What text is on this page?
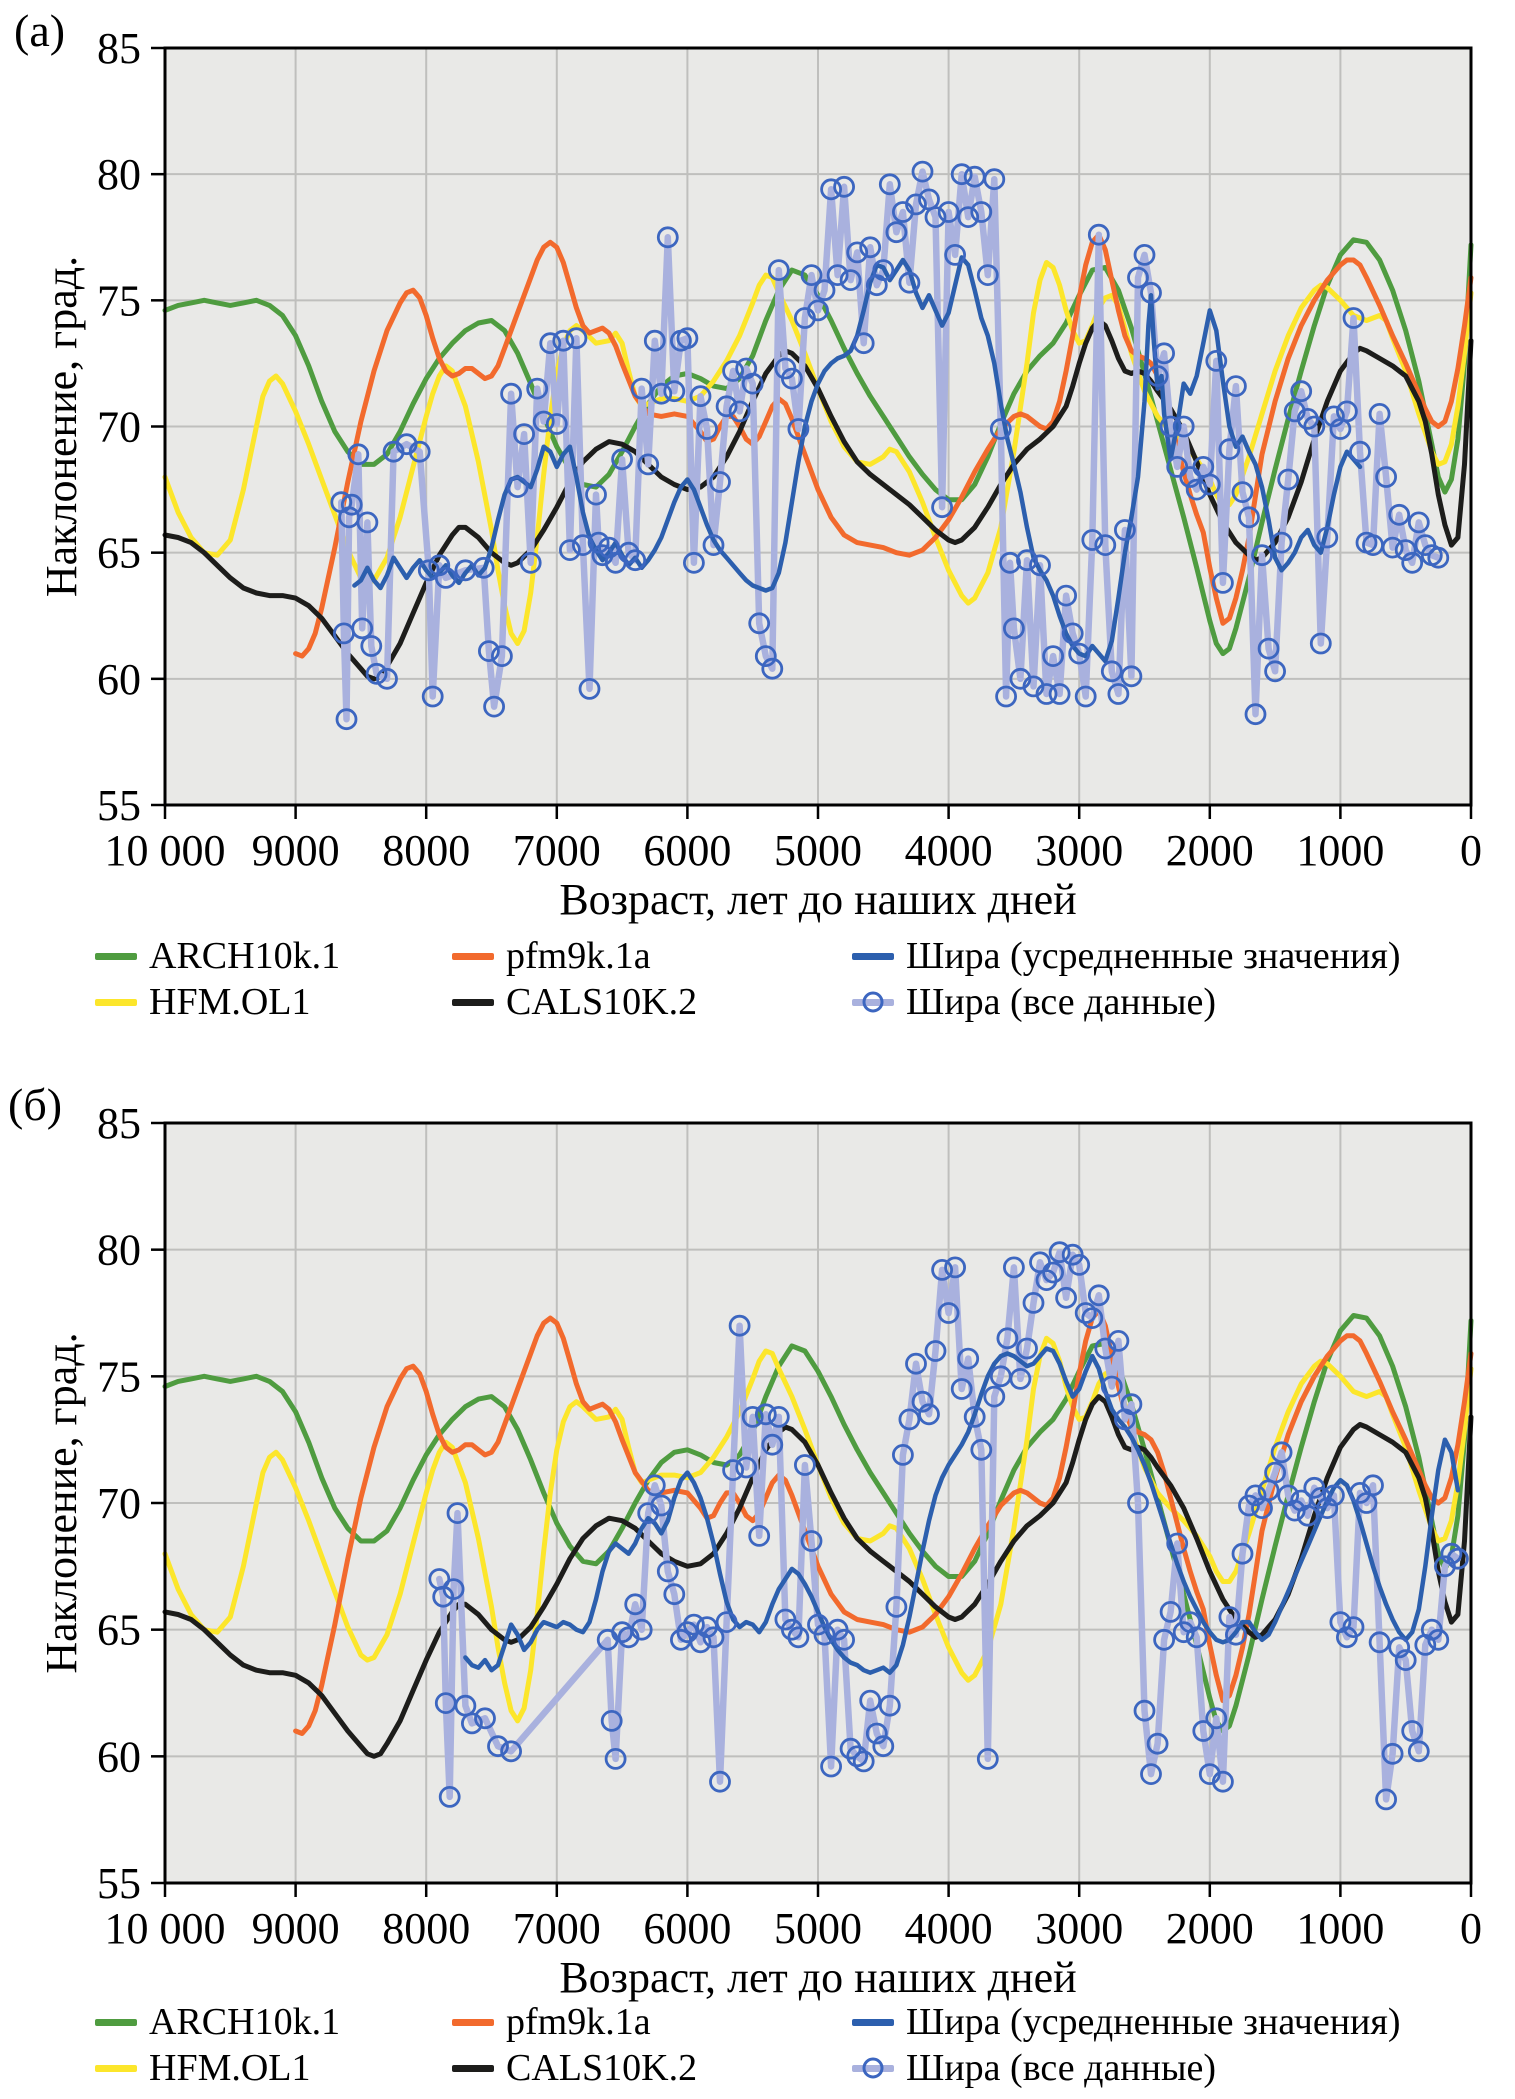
85
80
75
70
65
60
55
10 000 9000 8000 7000 6000 5000 4000 3000 2000 1000 0
(a)
Наклонение, град.
Возраст, лет до наших дней
85
80
75
70
65
60
55
10 000 9000 8000 7000 6000 5000 4000 3000 2000 1000 0
(б)
Наклонение, град.
Возраст, лет до наших дней
ARCH10k.1	pfm9k.1a	Шира (усредненные значения)
HFM.OL1	CALS10K.2	Шира (все данные)
ARCH10k.1	pfm9k.1a	Шира (усредненные значения)
HFM.OL1	CALS10K.2	Шира (все данные)
